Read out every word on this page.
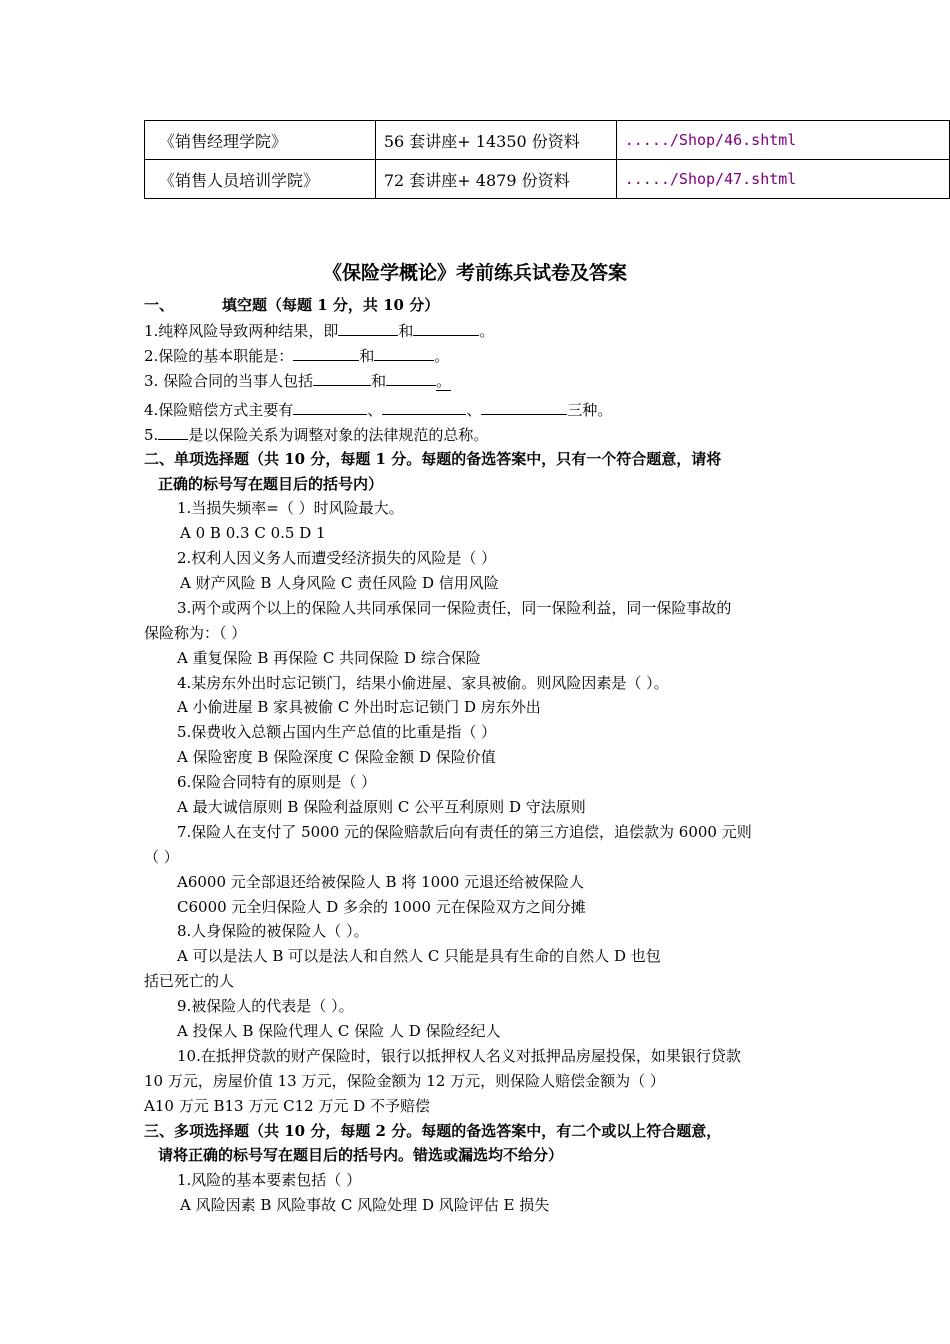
《销售经理学院》	56 套讲座+ 14350 份资料	...../Shop/46.shtml
《销售人员培训学院》	72 套讲座+ 4879 份资料	...../Shop/47.shtml
《保险学概论》考前练兵试卷及答案
一、	填空题（每题 1 分，共 10 分）
1.纯粹风险导致两种结果，即	和	。
2.保险的基本职能是：	和	。
3. 保险合同的当事人包括	和	。
4.保险赔偿方式主要有	、	、	三种。
5. 是以保险关系为调整对象的法律规范的总称。
二、单项选择题（共 10 分，每题 1 分。每题的备选答案中，只有一个符合题意，请将
正确的标号写在题目后的括号内）
1.当损失频率=（ ）时风险最大。
A 0 B 0.3 C 0.5 D 1
2.权利人因义务人而遭受经济损失的风险是（ ）
A 财产风险 B 人身风险 C 责任风险 D 信用风险
3.两个或两个以上的保险人共同承保同一保险责任，同一保险利益，同一保险事故的
保险称为：（ ）
A 重复保险 B 再保险 C 共同保险 D 综合保险
4.某房东外出时忘记锁门，结果小偷进屋、家具被偷。则风险因素是（ ）。
A 小偷进屋 B 家具被偷 C 外出时忘记锁门 D 房东外出
5.保费收入总额占国内生产总值的比重是指（ ）
A 保险密度 B 保险深度 C 保险金额 D 保险价值
6.保险合同特有的原则是（ ）
A 最大诚信原则 B 保险利益原则 C 公平互利原则 D 守法原则
7.保险人在支付了 5000 元的保险赔款后向有责任的第三方追偿，追偿款为 6000 元则
（ ）
A6000 元全部退还给被保险人 B 将 1000 元退还给被保险人
C6000 元全归保险人 D 多余的 1000 元在保险双方之间分摊
8.人身保险的被保险人（ ）。
A 可以是法人 B 可以是法人和自然人 C 只能是具有生命的自然人 D 也包
括已死亡的人
9.被保险人的代表是（ ）。
A 投保人 B 保险代理人 C 保险 人 D 保险经纪人
10.在抵押贷款的财产保险时，银行以抵押权人名义对抵押品房屋投保，如果银行贷款
10 万元，房屋价值 13 万元，保险金额为 12 万元，则保险人赔偿金额为（ ）
A10 万元 B13 万元 C12 万元 D 不予赔偿
三、多项选择题（共 10 分，每题 2 分。每题的备选答案中，有二个或以上符合题意，
请将正确的标号写在题目后的括号内。错选或漏选均不给分）
1.风险的基本要素包括（ ）
A 风险因素 B 风险事故 C 风险处理 D 风险评估 E 损失
